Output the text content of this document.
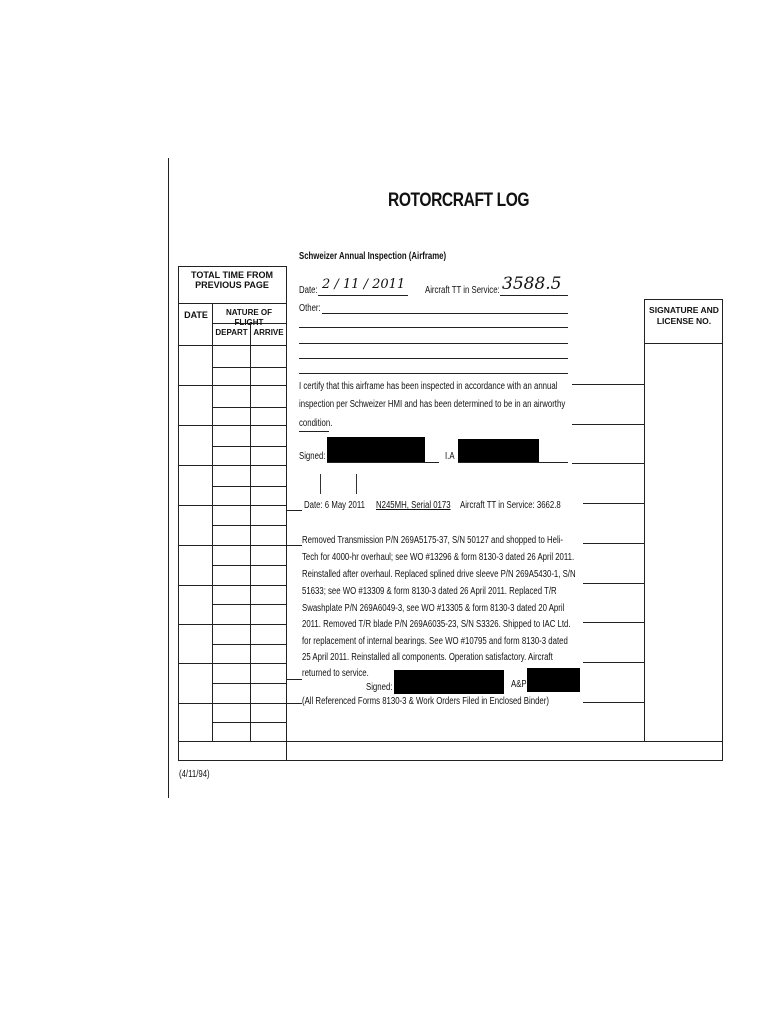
ROTORCRAFT LOG
TOTAL TIME FROM PREVIOUS PAGE
DATE	NATURE OF FLIGHT
DEPART ARRIVE
SIGNATURE AND LICENSE NO.
Schweizer Annual Inspection (Airframe)
Date: 2 / 11 / 2011 Aircraft TT in Service: 3588.5
Other:
I certify that this airframe has been inspected in accordance with an annual
inspection per Schweizer HMI and has been determined to be in an airworthy
condition.
Signed:	I.A
Date: 6 May 2011 N245MH, Serial 0173 Aircraft TT in Service: 3662.8
Removed Transmission P/N 269A5175-37, S/N 50127 and shopped to Heli-
Tech for 4000-hr overhaul; see WO #13296 & form 8130-3 dated 26 April 2011.
Reinstalled after overhaul. Replaced splined drive sleeve P/N 269A5430-1, S/N
51633; see WO #13309 & form 8130-3 dated 26 April 2011. Replaced T/R
Swashplate P/N 269A6049-3, see WO #13305 & form 8130-3 dated 20 April
2011. Removed T/R blade P/N 269A6035-23, S/N S3326. Shipped to IAC Ltd.
for replacement of internal bearings. See WO #10795 and form 8130-3 dated
25 April 2011. Reinstalled all components. Operation satisfactory. Aircraft
returned to service.
Signed:	A&P
(All Referenced Forms 8130-3 & Work Orders Filed in Enclosed Binder)
(4/11/94)
